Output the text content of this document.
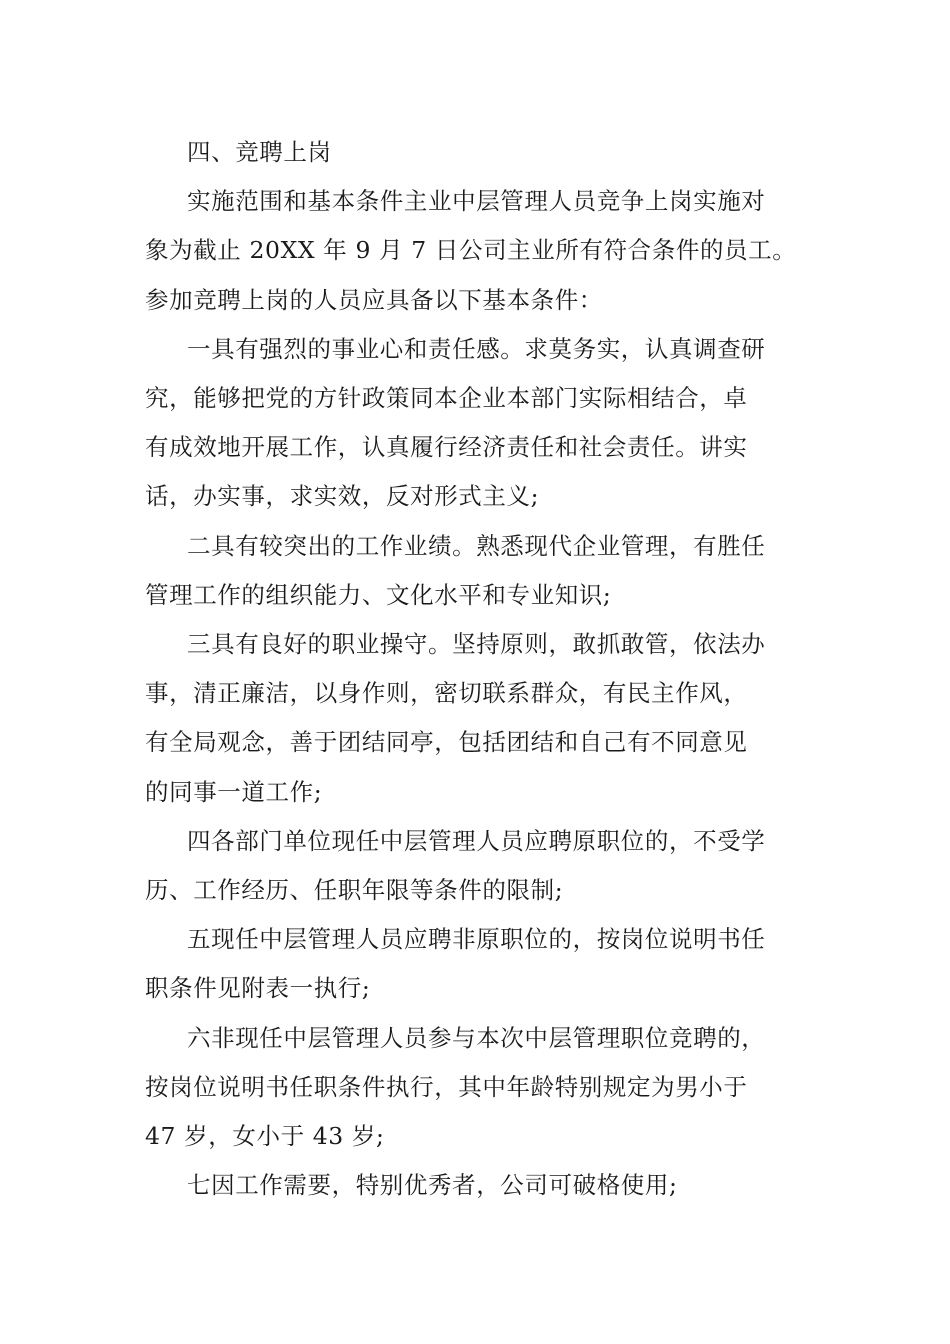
四、竞聘上岗

实施范围和基本条件主业中层管理人员竞争上岗实施对
象为截止 20XX 年 9 月 7 日公司主业所有符合条件的员工。
参加竞聘上岗的人员应具备以下基本条件：

一具有强烈的事业心和责任感。求莫务实，认真调查研
究，能够把党的方针政策同本企业本部门实际相结合，卓
有成效地开展工作，认真履行经济责任和社会责任。讲实
话，办实事，求实效，反对形式主义;

二具有较突出的工作业绩。熟悉现代企业管理，有胜任
管理工作的组织能力、文化水平和专业知识;

三具有良好的职业操守。坚持原则，敢抓敢管，依法办
事，清正廉洁，以身作则，密切联系群众，有民主作风，
有全局观念，善于团结同亭，包括团结和自己有不同意见
的同事一道工作;

四各部门单位现任中层管理人员应聘原职位的，不受学
历、工作经历、任职年限等条件的限制;

五现任中层管理人员应聘非原职位的，按岗位说明书任
职条件见附表一执行;

六非现任中层管理人员参与本次中层管理职位竞聘的，
按岗位说明书任职条件执行，其中年龄特别规定为男小于
47 岁，女小于 43 岁;

七因工作需要，特别优秀者，公司可破格使用;
